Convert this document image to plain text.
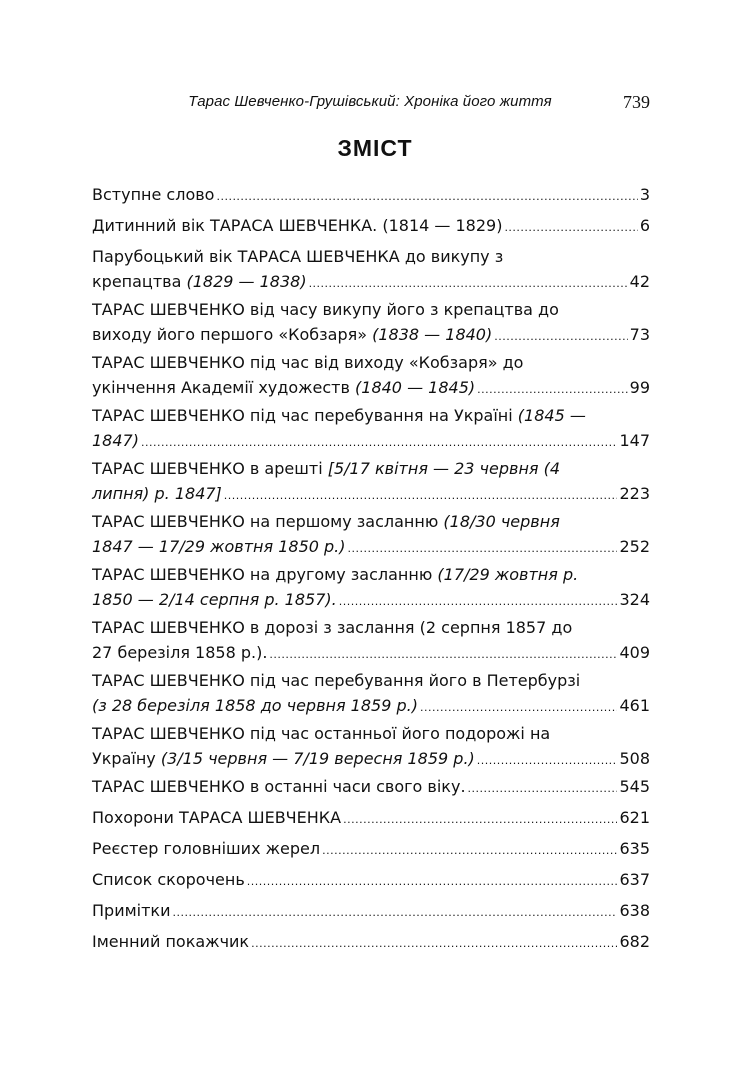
Тарас Шевченко-Грушівський: Хроніка його життя	739
ЗМІСТ
Вступне слово .....	3
Дитинний вік ТАРАСА ШЕВЧЕНКА. (1814 — 1829) .....	6
Парубоцький вік ТАРАСА ШЕВЧЕНКА до викупу з
крепацтва (1829 — 1838) .....	42
ТАРАС ШЕВЧЕНКО від часу викупу його з крепацтва до
виходу його першого «Кобзаря» (1838 — 1840) .....	73
ТАРАС ШЕВЧЕНКО під час від виходу «Кобзаря» до
укінчення Академії художеств (1840 — 1845) .....	99
ТАРАС ШЕВЧЕНКО під час перебування на Україні (1845 —
1847) .....	147
ТАРАС ШЕВЧЕНКО в арешті [5/17 квітня — 23 червня (4
липня) р. 1847] .....	223
ТАРАС ШЕВЧЕНКО на першому засланню (18/30 червня
1847 — 17/29 жовтня 1850 р.) .....	252
ТАРАС ШЕВЧЕНКО на другому засланню (17/29 жовтня р.
1850 — 2/14 серпня р. 1857). .....	324
ТАРАС ШЕВЧЕНКО в дорозі з заслання (2 серпня 1857 до
27 березіля 1858 р.). .....	409
ТАРАС ШЕВЧЕНКО під час перебування його в Петербурзі
(з 28 березіля 1858 до червня 1859 р.) .....	461
ТАРАС ШЕВЧЕНКО під час останньої його подорожі на
Україну (3/15 червня — 7/19 вересня 1859 р.) .....	508
ТАРАС ШЕВЧЕНКО в останні часи свого віку. .....	545
Похорони ТАРАСА ШЕВЧЕНКА .....	621
Реєстер головніших жерел .....	635
Список скорочень .....	637
Примітки .....	638
Іменний покажчик .....	682
